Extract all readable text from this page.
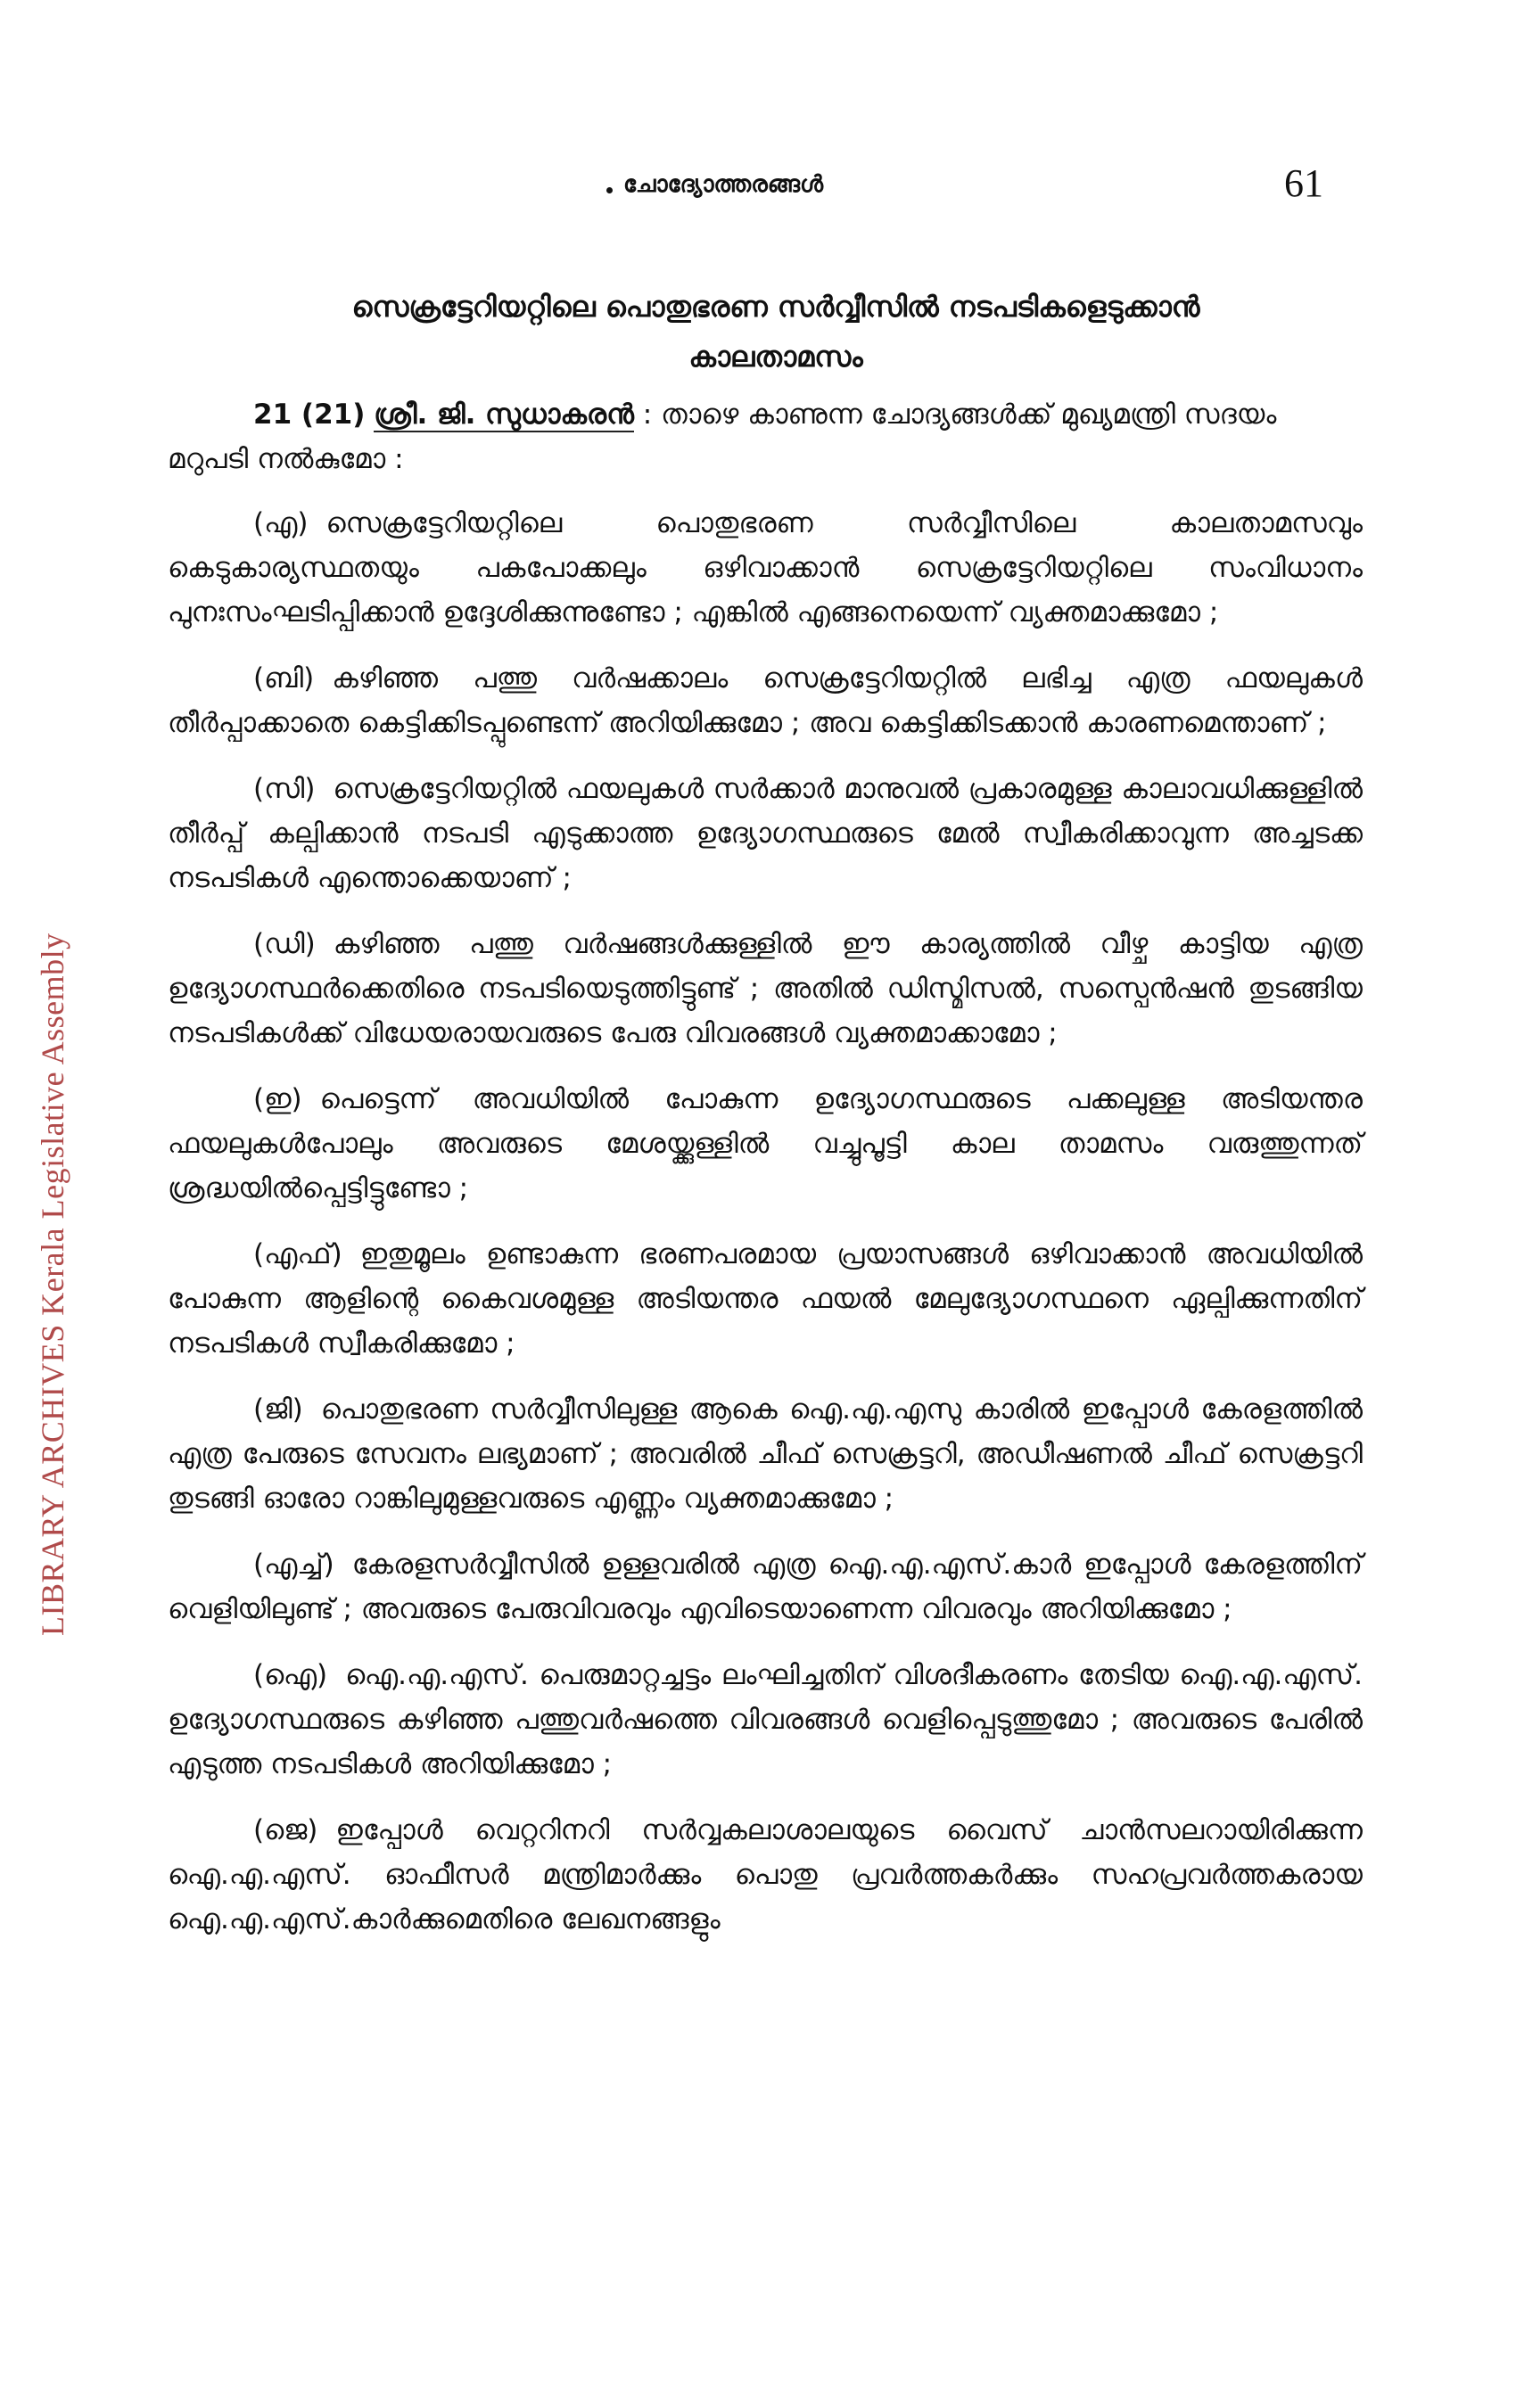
LIBRARY ARCHIVES Kerala Legislative Assembly
ചോദ്യോത്തരങ്ങൾ	61
സെക്രട്ടേറിയറ്റിലെ പൊതുഭരണ സർവ്വീസിൽ നടപടികളെടുക്കാൻ
കാലതാമസം

21 (21) ശ്രീ. ജി. സുധാകരൻ : താഴെ കാണുന്ന ചോദ്യങ്ങൾക്ക് മുഖ്യമന്ത്രി സദയം മറുപടി നൽകുമോ :

(എ) സെക്രട്ടേറിയറ്റിലെ പൊതുഭരണ സർവ്വീസിലെ കാലതാമസവും കെടുകാര്യസ്ഥതയും പകപോക്കലും ഒഴിവാക്കാൻ സെക്രട്ടേറിയറ്റിലെ സംവിധാനം പുനഃസംഘടിപ്പിക്കാൻ ഉദ്ദേശിക്കുന്നുണ്ടോ ; എങ്കിൽ എങ്ങനെയെന്ന് വ്യക്തമാക്കുമോ ;

(ബി) കഴിഞ്ഞ പത്തു വർഷക്കാലം സെക്രട്ടേറിയറ്റിൽ ലഭിച്ച എത്ര ഫയലുകൾ തീർപ്പാക്കാതെ കെട്ടിക്കിടപ്പുണ്ടെന്ന് അറിയിക്കുമോ ; അവ കെട്ടിക്കിടക്കാൻ കാരണമെന്താണ് ;

(സി) സെക്രട്ടേറിയറ്റിൽ ഫയലുകൾ സർക്കാർ മാനുവൽ പ്രകാരമുള്ള കാലാവധിക്കുള്ളിൽ തീർപ്പ് കല്പിക്കാൻ നടപടി എടുക്കാത്ത ഉദ്യോഗസ്ഥരുടെ മേൽ സ്വീകരിക്കാവുന്ന അച്ചടക്ക നടപടികൾ എന്തൊക്കെയാണ് ;

(ഡി) കഴിഞ്ഞ പത്തു വർഷങ്ങൾക്കുള്ളിൽ ഈ കാര്യത്തിൽ വീഴ്ച കാട്ടിയ എത്ര ഉദ്യോഗസ്ഥർക്കെതിരെ നടപടിയെടുത്തിട്ടുണ്ട് ; അതിൽ ഡിസ്മിസൽ, സസ്പെൻഷൻ തുടങ്ങിയ നടപടികൾക്ക് വിധേയരായവരുടെ പേരു വിവരങ്ങൾ വ്യക്തമാക്കാമോ ;

(ഇ) പെട്ടെന്ന് അവധിയിൽ പോകുന്ന ഉദ്യോഗസ്ഥരുടെ പക്കലുള്ള അടിയന്തര ഫയലുകൾപോലും അവരുടെ മേശയ്ക്കുള്ളിൽ വച്ചുപൂട്ടി കാല താമസം വരുത്തുന്നത് ശ്രദ്ധയിൽപ്പെട്ടിട്ടുണ്ടോ ;

(എഫ്) ഇതുമൂലം ഉണ്ടാകുന്ന ഭരണപരമായ പ്രയാസങ്ങൾ ഒഴിവാക്കാൻ അവധിയിൽ പോകുന്ന ആളിന്റെ കൈവശമുള്ള അടിയന്തര ഫയൽ മേലുദ്യോഗസ്ഥനെ ഏല്പിക്കുന്നതിന് നടപടികൾ സ്വീകരിക്കുമോ ;

(ജി) പൊതുഭരണ സർവ്വീസിലുള്ള ആകെ ഐ.എ.എസു കാരിൽ ഇപ്പോൾ കേരളത്തിൽ എത്ര പേരുടെ സേവനം ലഭ്യമാണ് ; അവരിൽ ചീഫ് സെക്രട്ടറി, അഡീഷണൽ ചീഫ് സെക്രട്ടറി തുടങ്ങി ഓരോ റാങ്കിലുമുള്ളവരുടെ എണ്ണം വ്യക്തമാക്കുമോ ;

(എച്ച്) കേരളസർവ്വീസിൽ ഉള്ളവരിൽ എത്ര ഐ.എ.എസ്.കാർ ഇപ്പോൾ കേരളത്തിന് വെളിയിലുണ്ട് ; അവരുടെ പേരുവിവരവും എവിടെയാണെന്ന വിവരവും അറിയിക്കുമോ ;

(ഐ) ഐ.എ.എസ്. പെരുമാറ്റച്ചട്ടം ലംഘിച്ചതിന് വിശദീകരണം തേടിയ ഐ.എ.എസ്. ഉദ്യോഗസ്ഥരുടെ കഴിഞ്ഞ പത്തുവർഷത്തെ വിവരങ്ങൾ വെളിപ്പെടുത്തുമോ ; അവരുടെ പേരിൽ എടുത്ത നടപടികൾ അറിയിക്കുമോ ;

(ജെ) ഇപ്പോൾ വെറ്ററിനറി സർവ്വകലാശാലയുടെ വൈസ് ചാൻസലറായിരിക്കുന്ന ഐ.എ.എസ്. ഓഫീസർ മന്ത്രിമാർക്കും പൊതു പ്രവർത്തകർക്കും സഹപ്രവർത്തകരായ ഐ.എ.എസ്.കാർക്കുമെതിരെ ലേഖനങ്ങളും
